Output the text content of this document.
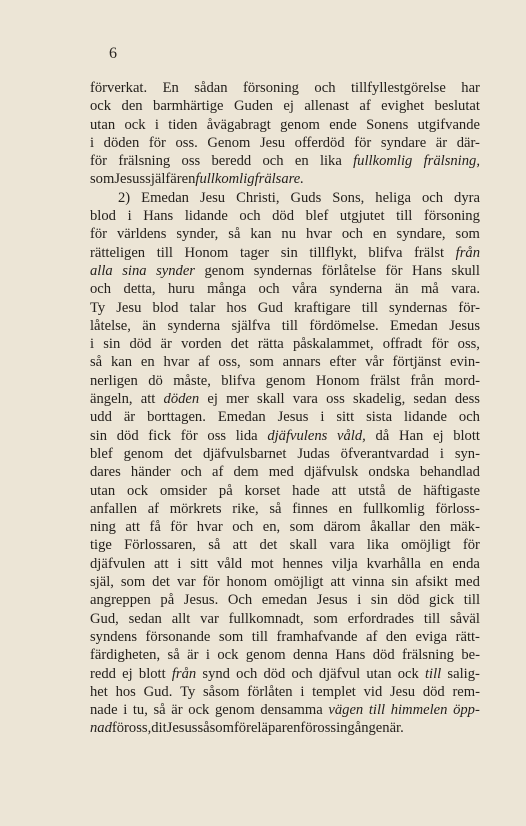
6
förverkat. En sådan försoning och tillfyllestgörelse har
ock den barmhärtige Guden ej allenast af evighet beslutat
utan ock i tiden åvägabragt genom ende Sonens utgifvande
i döden för oss. Genom Jesu offerdöd för syndare är där-
för frälsning oss beredd och en lika fullkomlig frälsning,
som Jesus själf är en fullkomlig frälsare.
2) Emedan Jesu Christi, Guds Sons, heliga och dyra
blod i Hans lidande och död blef utgjutet till försoning
för världens synder, så kan nu hvar och en syndare, som
rätteligen till Honom tager sin tillflykt, blifva frälst från
alla sina synder genom syndernas förlåtelse för Hans skull
och detta, huru många och våra synderna än må vara.
Ty Jesu blod talar hos Gud kraftigare till syndernas för-
låtelse, än synderna själfva till fördömelse. Emedan Jesus
i sin död är vorden det rätta påskalammet, offradt för oss,
så kan en hvar af oss, som annars efter vår förtjänst evin-
nerligen dö måste, blifva genom Honom frälst från mord-
ängeln, att döden ej mer skall vara oss skadelig, sedan dess
udd är borttagen. Emedan Jesus i sitt sista lidande och
sin död fick för oss lida djäfvulens våld, då Han ej blott
blef genom det djäfvulsbarnet Judas öfverantvardad i syn-
dares händer och af dem med djäfvulsk ondska behandlad
utan ock omsider på korset hade att utstå de häftigaste
anfallen af mörkrets rike, så finnes en fullkomlig förloss-
ning att få för hvar och en, som därom åkallar den mäk-
tige Förlossaren, så att det skall vara lika omöjligt för
djäfvulen att i sitt våld mot hennes vilja kvarhålla en enda
själ, som det var för honom omöjligt att vinna sin afsikt med
angreppen på Jesus. Och emedan Jesus i sin död gick till
Gud, sedan allt var fullkomnadt, som erfordrades till såväl
syndens försonande som till framhafvande af den eviga rätt-
färdigheten, så är i ock genom denna Hans död frälsning be-
redd ej blott från synd och död och djäfvul utan ock till salig-
het hos Gud. Ty såsom förlåten i templet vid Jesu död rem-
nade i tu, så är ock genom densamma vägen till himmelen öpp-
nad för oss, dit Jesus såsom föreläparen för oss ingången är.
